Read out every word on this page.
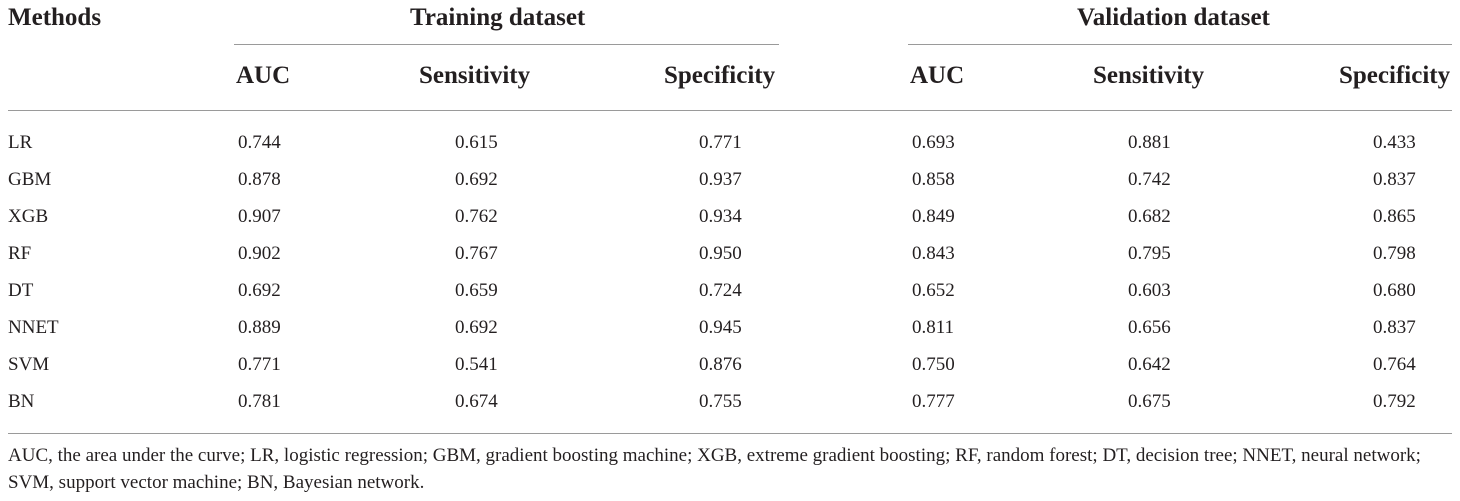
Methods	Training dataset	Validation dataset
AUC	Sensitivity	Specificity	AUC	Sensitivity	Specificity
LR	0.744	0.615	0.771	0.693	0.881	0.433
GBM	0.878	0.692	0.937	0.858	0.742	0.837
XGB	0.907	0.762	0.934	0.849	0.682	0.865
RF	0.902	0.767	0.950	0.843	0.795	0.798
DT	0.692	0.659	0.724	0.652	0.603	0.680
NNET	0.889	0.692	0.945	0.811	0.656	0.837
SVM	0.771	0.541	0.876	0.750	0.642	0.764
BN	0.781	0.674	0.755	0.777	0.675	0.792
AUC, the area under the curve; LR, logistic regression; GBM, gradient boosting machine; XGB, extreme gradient boosting; RF, random forest; DT, decision tree; NNET, neural network; SVM, support vector machine; BN, Bayesian network.
